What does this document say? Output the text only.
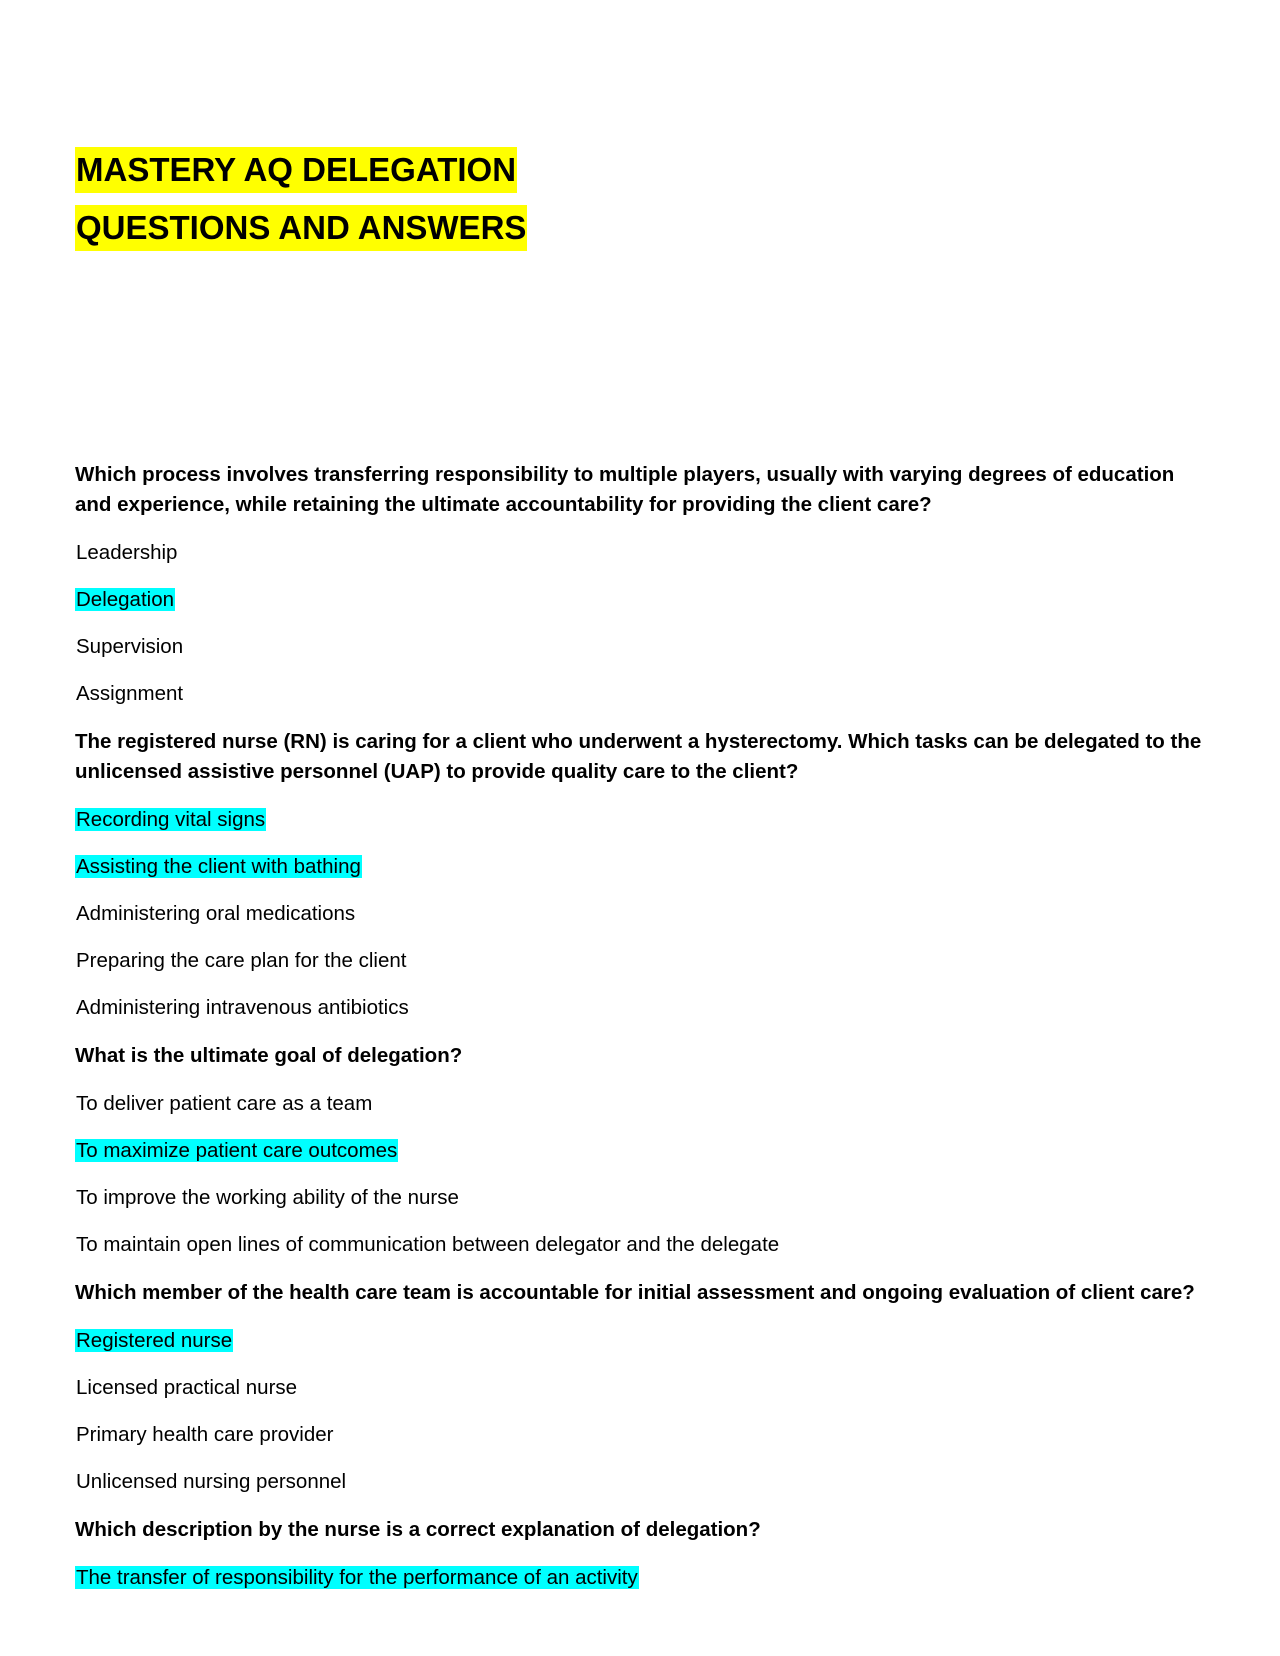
MASTERY AQ DELEGATION
QUESTIONS AND ANSWERS

Which process involves transferring responsibility to multiple players, usually with varying degrees of education and experience, while retaining the ultimate accountability for providing the client care?

Leadership

Delegation

Supervision

Assignment

The registered nurse (RN) is caring for a client who underwent a hysterectomy. Which tasks can be delegated to the unlicensed assistive personnel (UAP) to provide quality care to the client?

Recording vital signs

Assisting the client with bathing

Administering oral medications

Preparing the care plan for the client

Administering intravenous antibiotics

What is the ultimate goal of delegation?

To deliver patient care as a team

To maximize patient care outcomes

To improve the working ability of the nurse

To maintain open lines of communication between delegator and the delegate

Which member of the health care team is accountable for initial assessment and ongoing evaluation of client care?

Registered nurse

Licensed practical nurse

Primary health care provider

Unlicensed nursing personnel

Which description by the nurse is a correct explanation of delegation?

The transfer of responsibility for the performance of an activity
